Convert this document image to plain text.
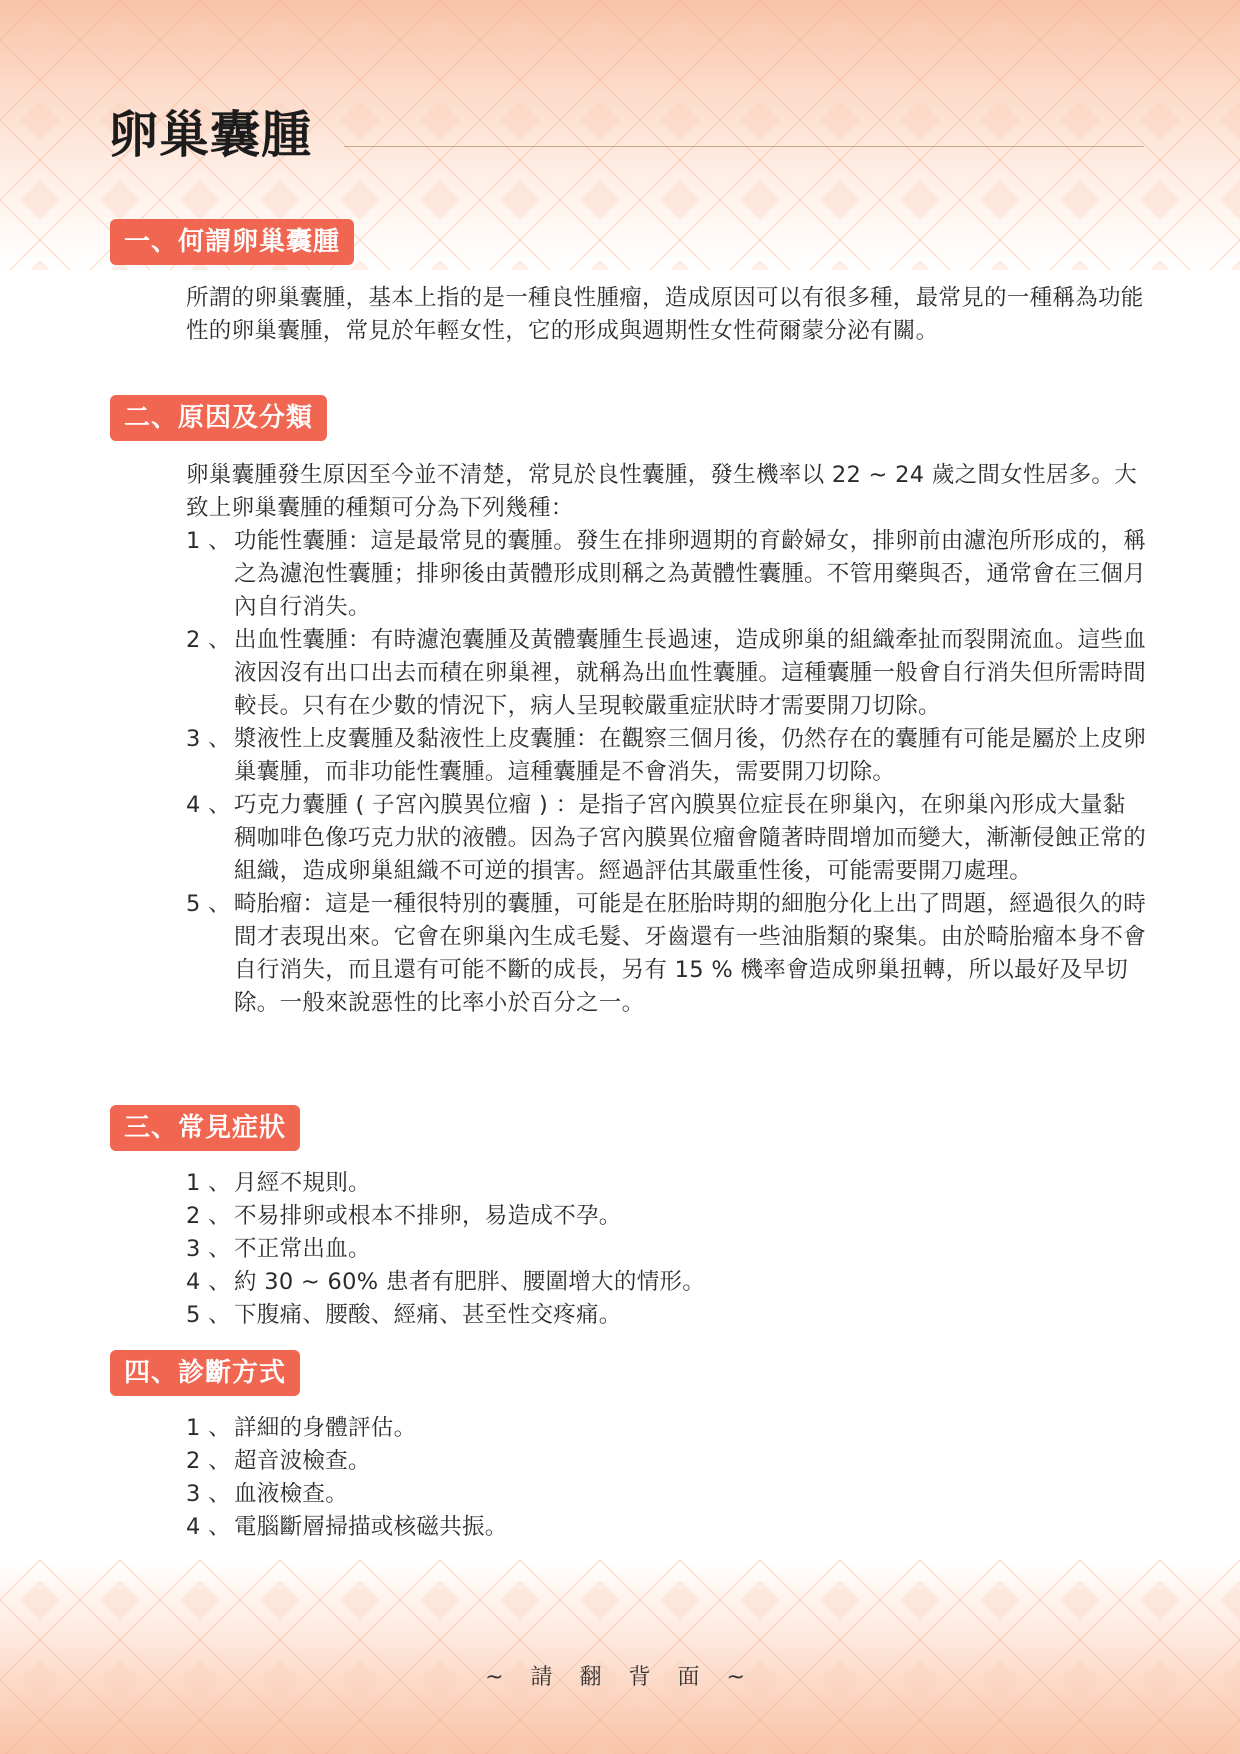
卵巢囊腫
一、何謂卵巢囊腫

所謂的卵巢囊腫，基本上指的是一種良性腫瘤，造成原因可以有很多種，最常見的一種稱為功能性的卵巢囊腫，常見於年輕女性，它的形成與週期性女性荷爾蒙分泌有關。

二、原因及分類

卵巢囊腫發生原因至今並不清楚，常見於良性囊腫，發生機率以 22 ~ 24 歲之間女性居多。大致上卵巢囊腫的種類可分為下列幾種：

1 、 功能性囊腫：這是最常見的囊腫。發生在排卵週期的育齡婦女，排卵前由濾泡所形成的，稱之為濾泡性囊腫；排卵後由黃體形成則稱之為黃體性囊腫。不管用藥與否，通常會在三個月內自行消失。
2 、 出血性囊腫：有時濾泡囊腫及黃體囊腫生長過速，造成卵巢的組織牽扯而裂開流血。這些血液因沒有出口出去而積在卵巢裡，就稱為出血性囊腫。這種囊腫一般會自行消失但所需時間較長。只有在少數的情況下，病人呈現較嚴重症狀時才需要開刀切除。
3 、 漿液性上皮囊腫及黏液性上皮囊腫：在觀察三個月後，仍然存在的囊腫有可能是屬於上皮卵巢囊腫，而非功能性囊腫。這種囊腫是不會消失，需要開刀切除。
4 、 巧克力囊腫 ( 子宮內膜異位瘤 ) ：是指子宮內膜異位症長在卵巢內，在卵巢內形成大量黏稠咖啡色像巧克力狀的液體。因為子宮內膜異位瘤會隨著時間增加而變大，漸漸侵蝕正常的組織，造成卵巢組織不可逆的損害。經過評估其嚴重性後，可能需要開刀處理。
5 、 畸胎瘤：這是一種很特別的囊腫，可能是在胚胎時期的細胞分化上出了問題，經過很久的時間才表現出來。它會在卵巢內生成毛髮、牙齒還有一些油脂類的聚集。由於畸胎瘤本身不會自行消失，而且還有可能不斷的成長，另有 15 % 機率會造成卵巢扭轉，所以最好及早切除。一般來說惡性的比率小於百分之一。
三、常見症狀
1 、 月經不規則。
2 、 不易排卵或根本不排卵，易造成不孕。
3 、 不正常出血。
4 、 約 30 ~ 60% 患者有肥胖、腰圍增大的情形。
5 、 下腹痛、腰酸、經痛、甚至性交疼痛。
四、診斷方式
1 、 詳細的身體評估。
2 、 超音波檢查。
3 、 血液檢查。
4 、 電腦斷層掃描或核磁共振。
~ 請 翻 背 面 ~
